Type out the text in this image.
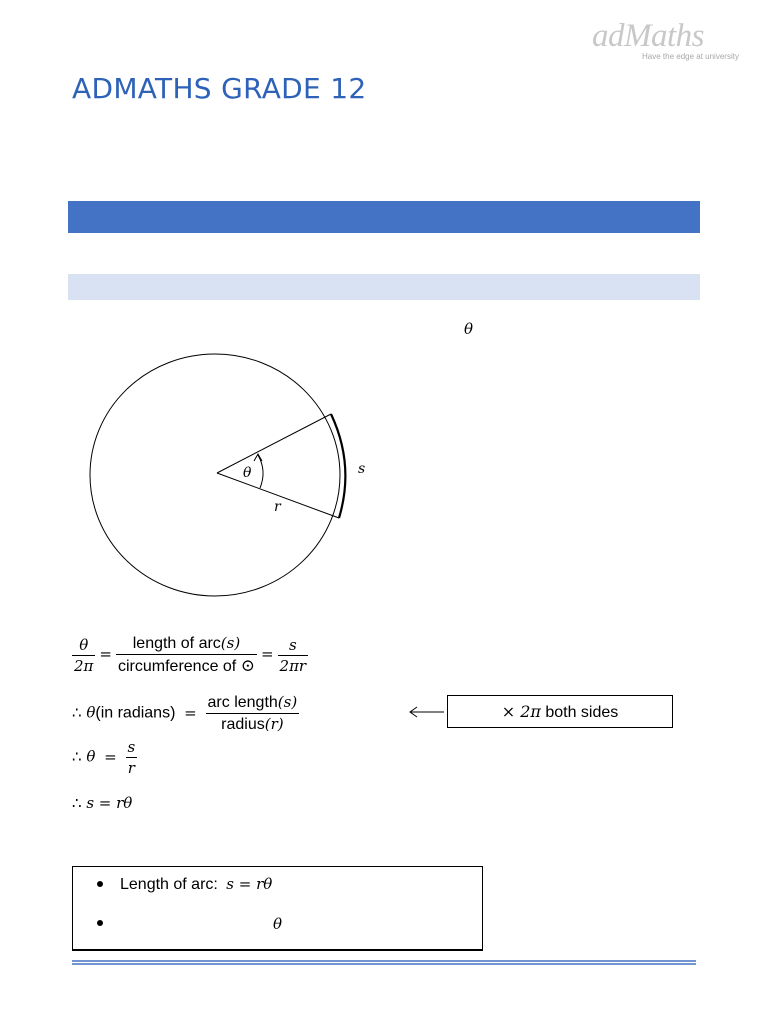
adMaths
Have the edge at university
ADMATHS GRADE 12
θ
θ
r
s
$\frac{\theta}{2\pi} = \frac{\text{length of arc(s)}}{\text{circumference of ⊙}} = \frac{s}{2\pi r}$
∴ θ(in radians) = $\frac{\text{arc length(s)}}{\text{radius(r)}}$
∴ $\theta = \frac{s}{r}$
∴ s = rθ
× 2π both sides
Length of arc: s = rθ
θ
